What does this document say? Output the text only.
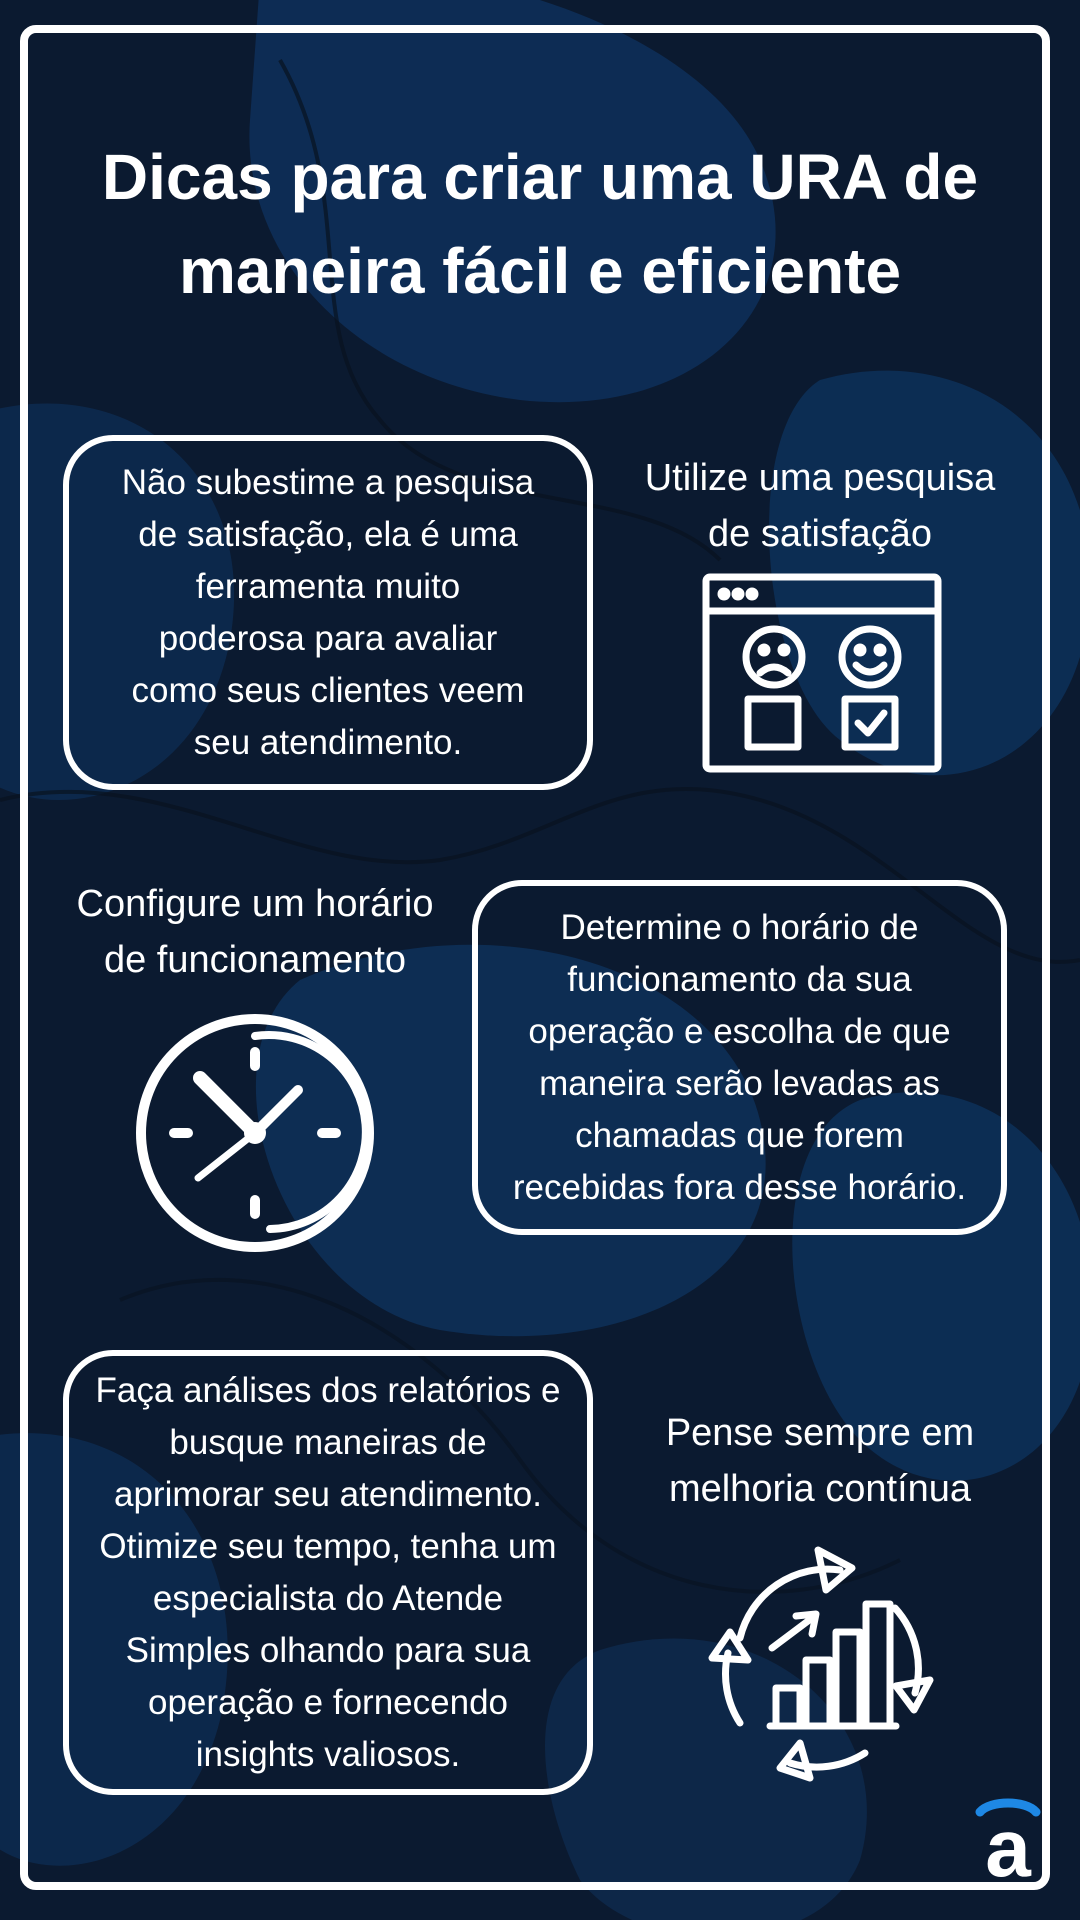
Dicas para criar uma URA de
maneira fácil e eficiente

Não subestime a pesquisa
de satisfação, ela é uma
ferramenta muito
poderosa para avaliar
como seus clientes veem
seu atendimento.

Utilize uma pesquisa
de satisfação

Configure um horário
de funcionamento

Determine o horário de
funcionamento da sua
operação e escolha de que
maneira serão levadas as
chamadas que forem
recebidas fora desse horário.

Faça análises dos relatórios e
busque maneiras de
aprimorar seu atendimento.
Otimize seu tempo, tenha um
especialista do Atende
Simples olhando para sua
operação e fornecendo
insights valiosos.

Pense sempre em
melhoria contínua

a
